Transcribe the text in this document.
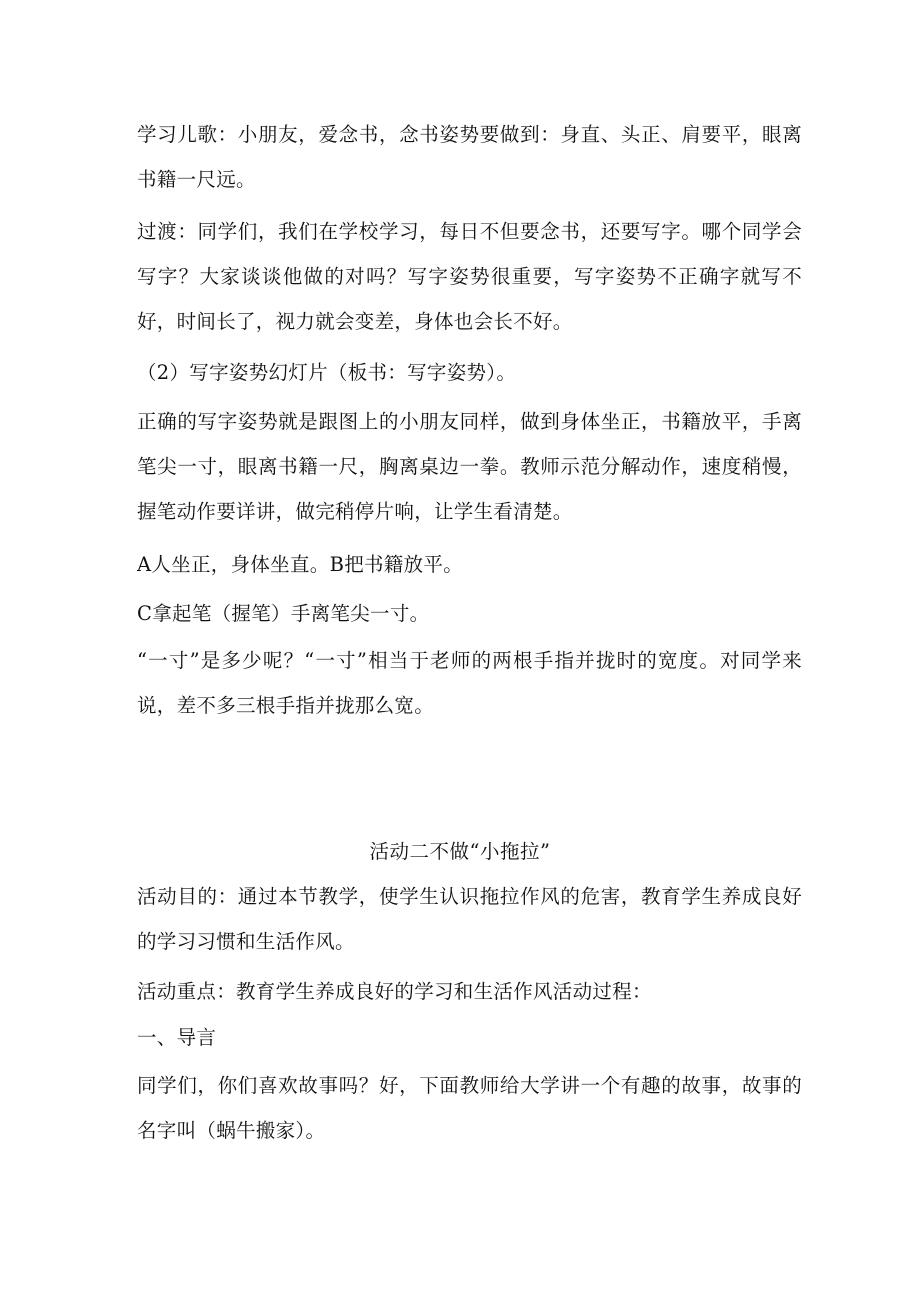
学习儿歌：小朋友，爱念书，念书姿势要做到：身直、头正、肩要平，眼离书籍一尺远。

过渡：同学们，我们在学校学习，每日不但要念书，还要写字。哪个同学会写字？大家谈谈他做的对吗？写字姿势很重要，写字姿势不正确字就写不好，时间长了，视力就会变差，身体也会长不好。

（2）写字姿势幻灯片（板书：写字姿势）。

正确的写字姿势就是跟图上的小朋友同样，做到身体坐正，书籍放平，手离笔尖一寸，眼离书籍一尺，胸离桌边一拳。教师示范分解动作，速度稍慢，握笔动作要详讲，做完稍停片响，让学生看清楚。

A人坐正，身体坐直。B把书籍放平。

C拿起笔（握笔）手离笔尖一寸。

“一寸”是多少呢？“一寸”相当于老师的两根手指并拢时的宽度。对同学来说，差不多三根手指并拢那么宽。

活动二不做“小拖拉”

活动目的：通过本节教学，使学生认识拖拉作风的危害，教育学生养成良好的学习习惯和生活作风。

活动重点：教育学生养成良好的学习和生活作风活动过程：

一、导言

同学们，你们喜欢故事吗？好，下面教师给大学讲一个有趣的故事，故事的名字叫（蜗牛搬家）。
